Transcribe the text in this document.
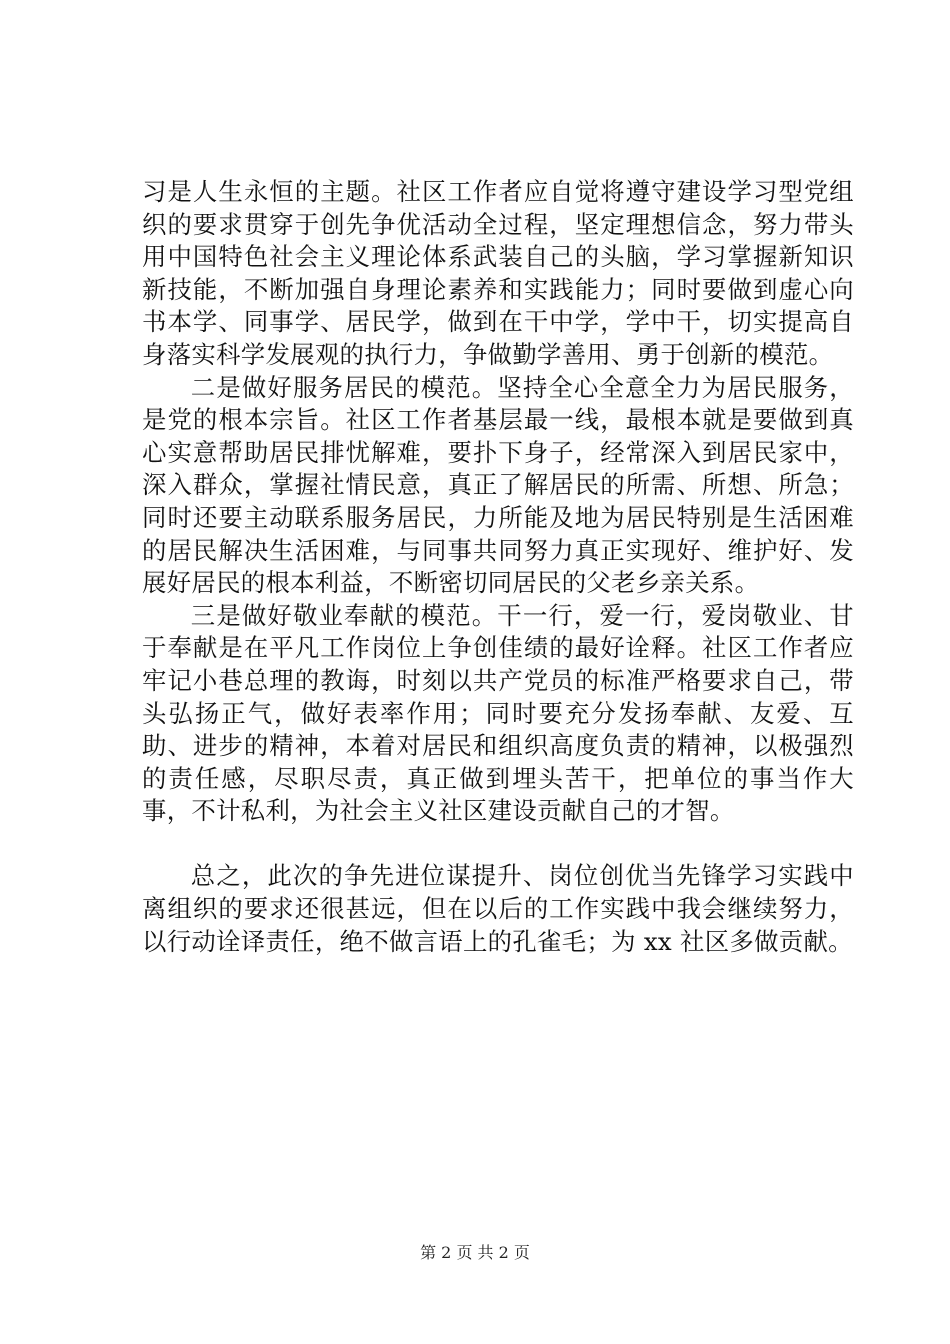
习是人生永恒的主题。社区工作者应自觉将遵守建设学习型党组织的要求贯穿于创先争优活动全过程，坚定理想信念，努力带头用中国特色社会主义理论体系武装自己的头脑，学习掌握新知识新技能，不断加强自身理论素养和实践能力；同时要做到虚心向书本学、同事学、居民学，做到在干中学，学中干，切实提高自身落实科学发展观的执行力，争做勤学善用、勇于创新的模范。

二是做好服务居民的模范。坚持全心全意全力为居民服务，是党的根本宗旨。社区工作者基层最一线，最根本就是要做到真心实意帮助居民排忧解难，要扑下身子，经常深入到居民家中，深入群众，掌握社情民意，真正了解居民的所需、所想、所急；同时还要主动联系服务居民，力所能及地为居民特别是生活困难的居民解决生活困难，与同事共同努力真正实现好、维护好、发展好居民的根本利益，不断密切同居民的父老乡亲关系。

三是做好敬业奉献的模范。干一行，爱一行，爱岗敬业、甘于奉献是在平凡工作岗位上争创佳绩的最好诠释。社区工作者应牢记小巷总理的教诲，时刻以共产党员的标准严格要求自己，带头弘扬正气，做好表率作用；同时要充分发扬奉献、友爱、互助、进步的精神，本着对居民和组织高度负责的精神，以极强烈的责任感，尽职尽责，真正做到埋头苦干，把单位的事当作大事，不计私利，为社会主义社区建设贡献自己的才智。

总之，此次的争先进位谋提升、岗位创优当先锋学习实践中离组织的要求还很甚远，但在以后的工作实践中我会继续努力，以行动诠译责任，绝不做言语上的孔雀毛；为 xx 社区多做贡献。

第 2 页 共 2 页
